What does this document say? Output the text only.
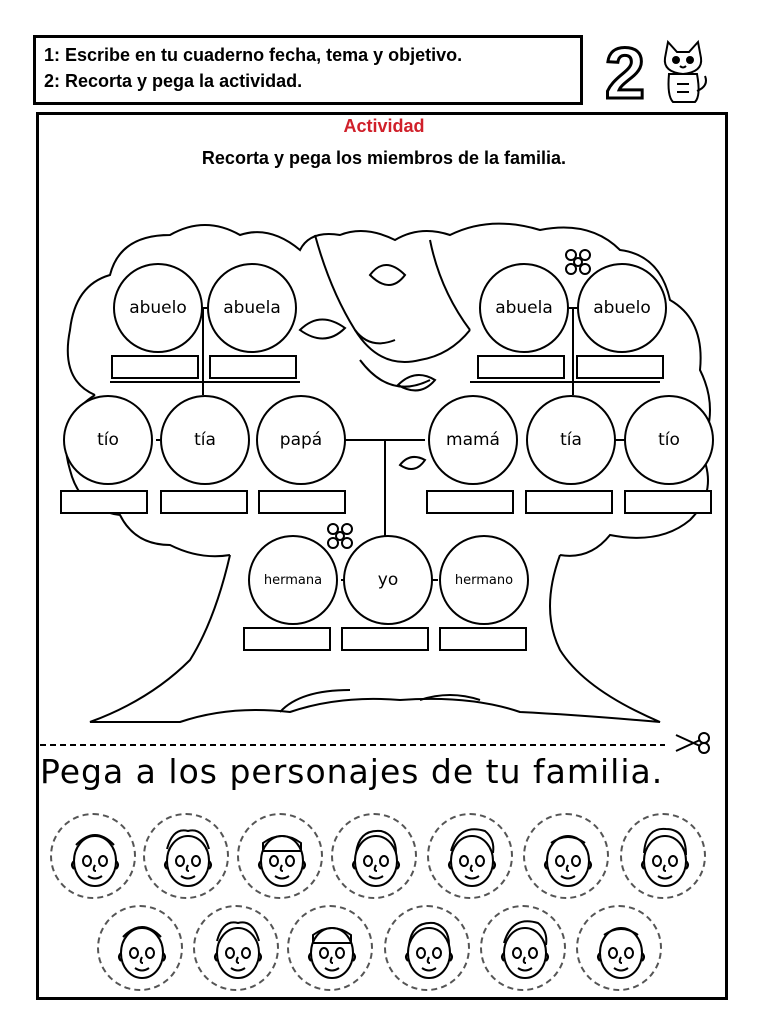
1: Escribe en tu cuaderno fecha, tema y objetivo.
2: Recorta y pega la actividad.	2
Actividad
Recorta y pega los miembros de la familia.
abuelo	abuela	abuela	abuelo
tío	tía	papá	mamá	tía	tío
hermana	yo	hermano
Pega a los personajes de tu familia.
